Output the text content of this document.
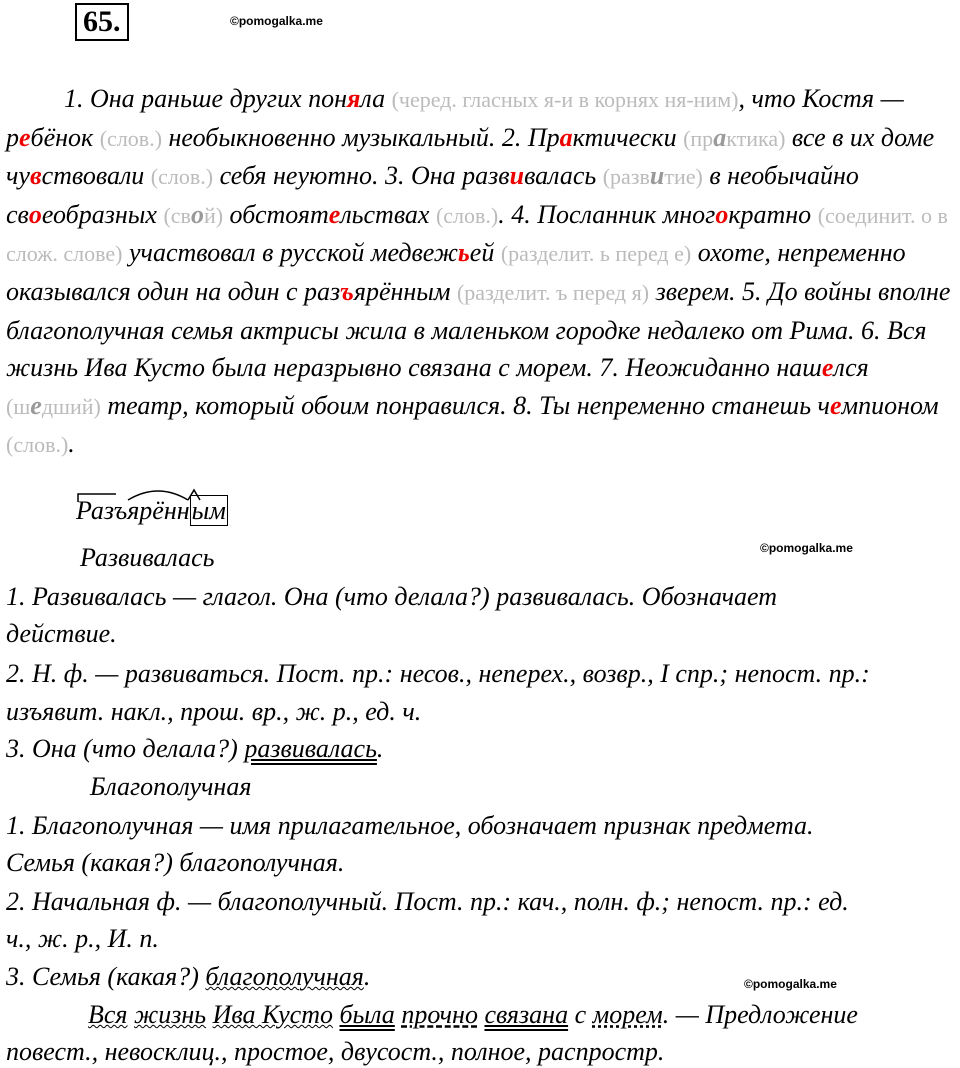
65.	©pomogalka.me
1. Она раньше других поняла (черед. гласных я-и в корнях ня-ним), что Костя — ребёнок (слов.) необыкновенно музыкальный. 2. Практически (практика) все в их доме чувствовали (слов.) себя неуютно. 3. Она развивалась (развитие) в необычайно своеобразных (свой) обстоятельствах (слов.). 4. Посланник многократно (соединит. о в слож. слове) участвовал в русской медвежьей (разделит. ь перед е) охоте, непременно оказывался один на один с разъярённым (разделит. ъ перед я) зверем. 5. До войны вполне благополучная семья актрисы жила в маленьком городке недалеко от Рима. 6. Вся жизнь Ива Кусто была неразрывно связана с морем. 7. Неожиданно нашелся (шедший) театр, который обоим понравился. 8. Ты непременно станешь чемпионом (слов.).
Разъярённым
©pomogalka.me
Развивалась
1. Развивалась — глагол. Она (что делала?) развивалась. Обозначает
действие.
2. Н. ф. — развиваться. Пост. пр.: несов., неперех., возвр., I спр.; непост. пр.:
изъявит. накл., прош. вр., ж. р., ед. ч.
3. Она (что делала?) развивалась.
Благополучная
1. Благополучная — имя прилагательное, обозначает признак предмета.
Семья (какая?) благополучная.
2. Начальная ф. — благополучный. Пост. пр.: кач., полн. ф.; непост. пр.: ед.
ч., ж. р., И. п.
3. Семья (какая?) благополучная.	©pomogalka.me
Вся жизнь Ива Кусто была прочно связана с морем. — Предложение
повест., невосклиц., простое, двусост., полное, распростр.
